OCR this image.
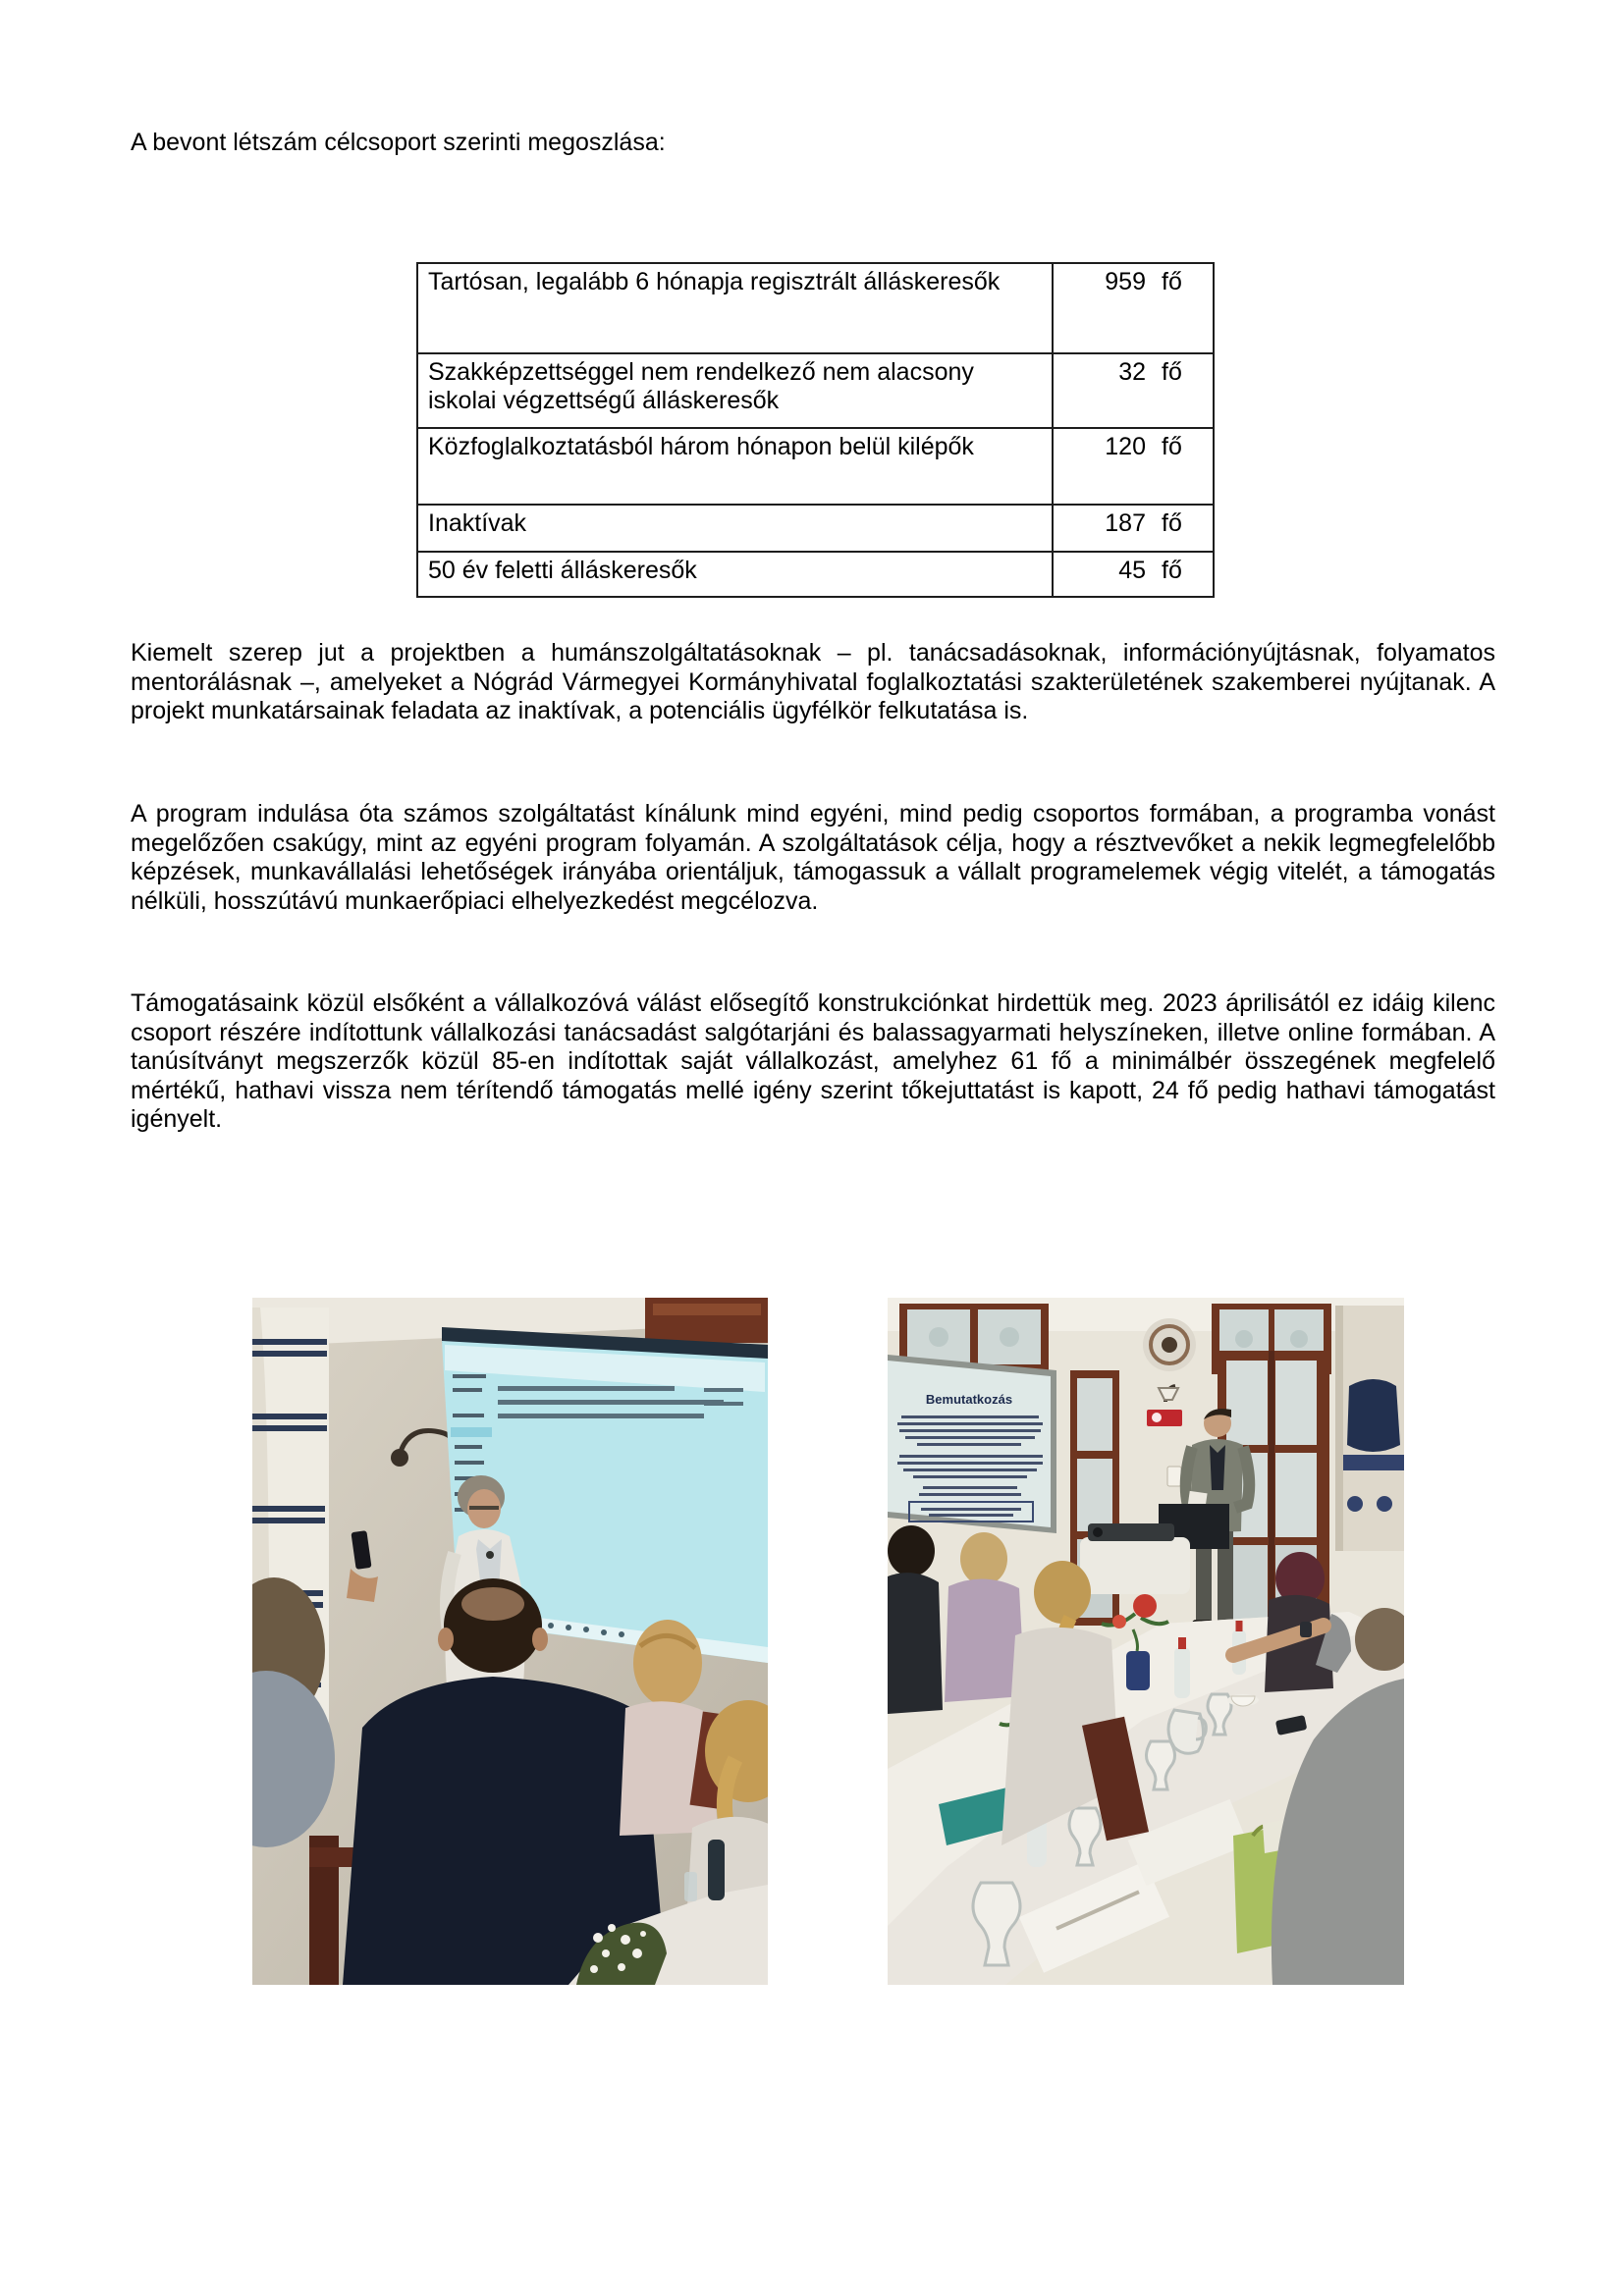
A bevont létszám célcsoport szerinti megoszlása:
Tartósan, legalább 6 hónapja regisztrált álláskeresők	959 fő

Szakképzettséggel nem rendelkező nem alacsony iskolai végzettségű álláskeresők	32 fő

Közfoglalkoztatásból három hónapon belül kilépők	120 fő

Inaktívak	187 fő

50 év feletti álláskeresők	45 fő

Kiemelt szerep jut a projektben a humánszolgáltatásoknak – pl. tanácsadásoknak, információnyújtásnak, folyamatos mentorálásnak –, amelyeket a Nógrád Vármegyei Kormányhivatal foglalkoztatási szakterületének szakemberei nyújtanak. A projekt munkatársainak feladata az inaktívak, a potenciális ügyfélkör felkutatása is.

A program indulása óta számos szolgáltatást kínálunk mind egyéni, mind pedig csoportos formában, a programba vonást megelőzően csakúgy, mint az egyéni program folyamán. A szolgáltatások célja, hogy a résztvevőket a nekik legmegfelelőbb képzések, munkavállalási lehetőségek irányába orientáljuk, támogassuk a vállalt programelemek végig vitelét, a támogatás nélküli, hosszútávú munkaerőpiaci elhelyezkedést megcélozva.

Támogatásaink közül elsőként a vállalkozóvá válást elősegítő konstrukciónkat hirdettük meg. 2023 áprilisától ez idáig kilenc csoport részére indítottunk vállalkozási tanácsadást salgótarjáni és balassagyarmati helyszíneken, illetve online formában. A tanúsítványt megszerzők közül 85-en indítottak saját vállalkozást, amelyhez 61 fő a minimálbér összegének megfelelő mértékű, hathavi vissza nem térítendő támogatás mellé igény szerint tőkejuttatást is kapott, 24 fő pedig hathavi támogatást igényelt.

Bemutatkozás
